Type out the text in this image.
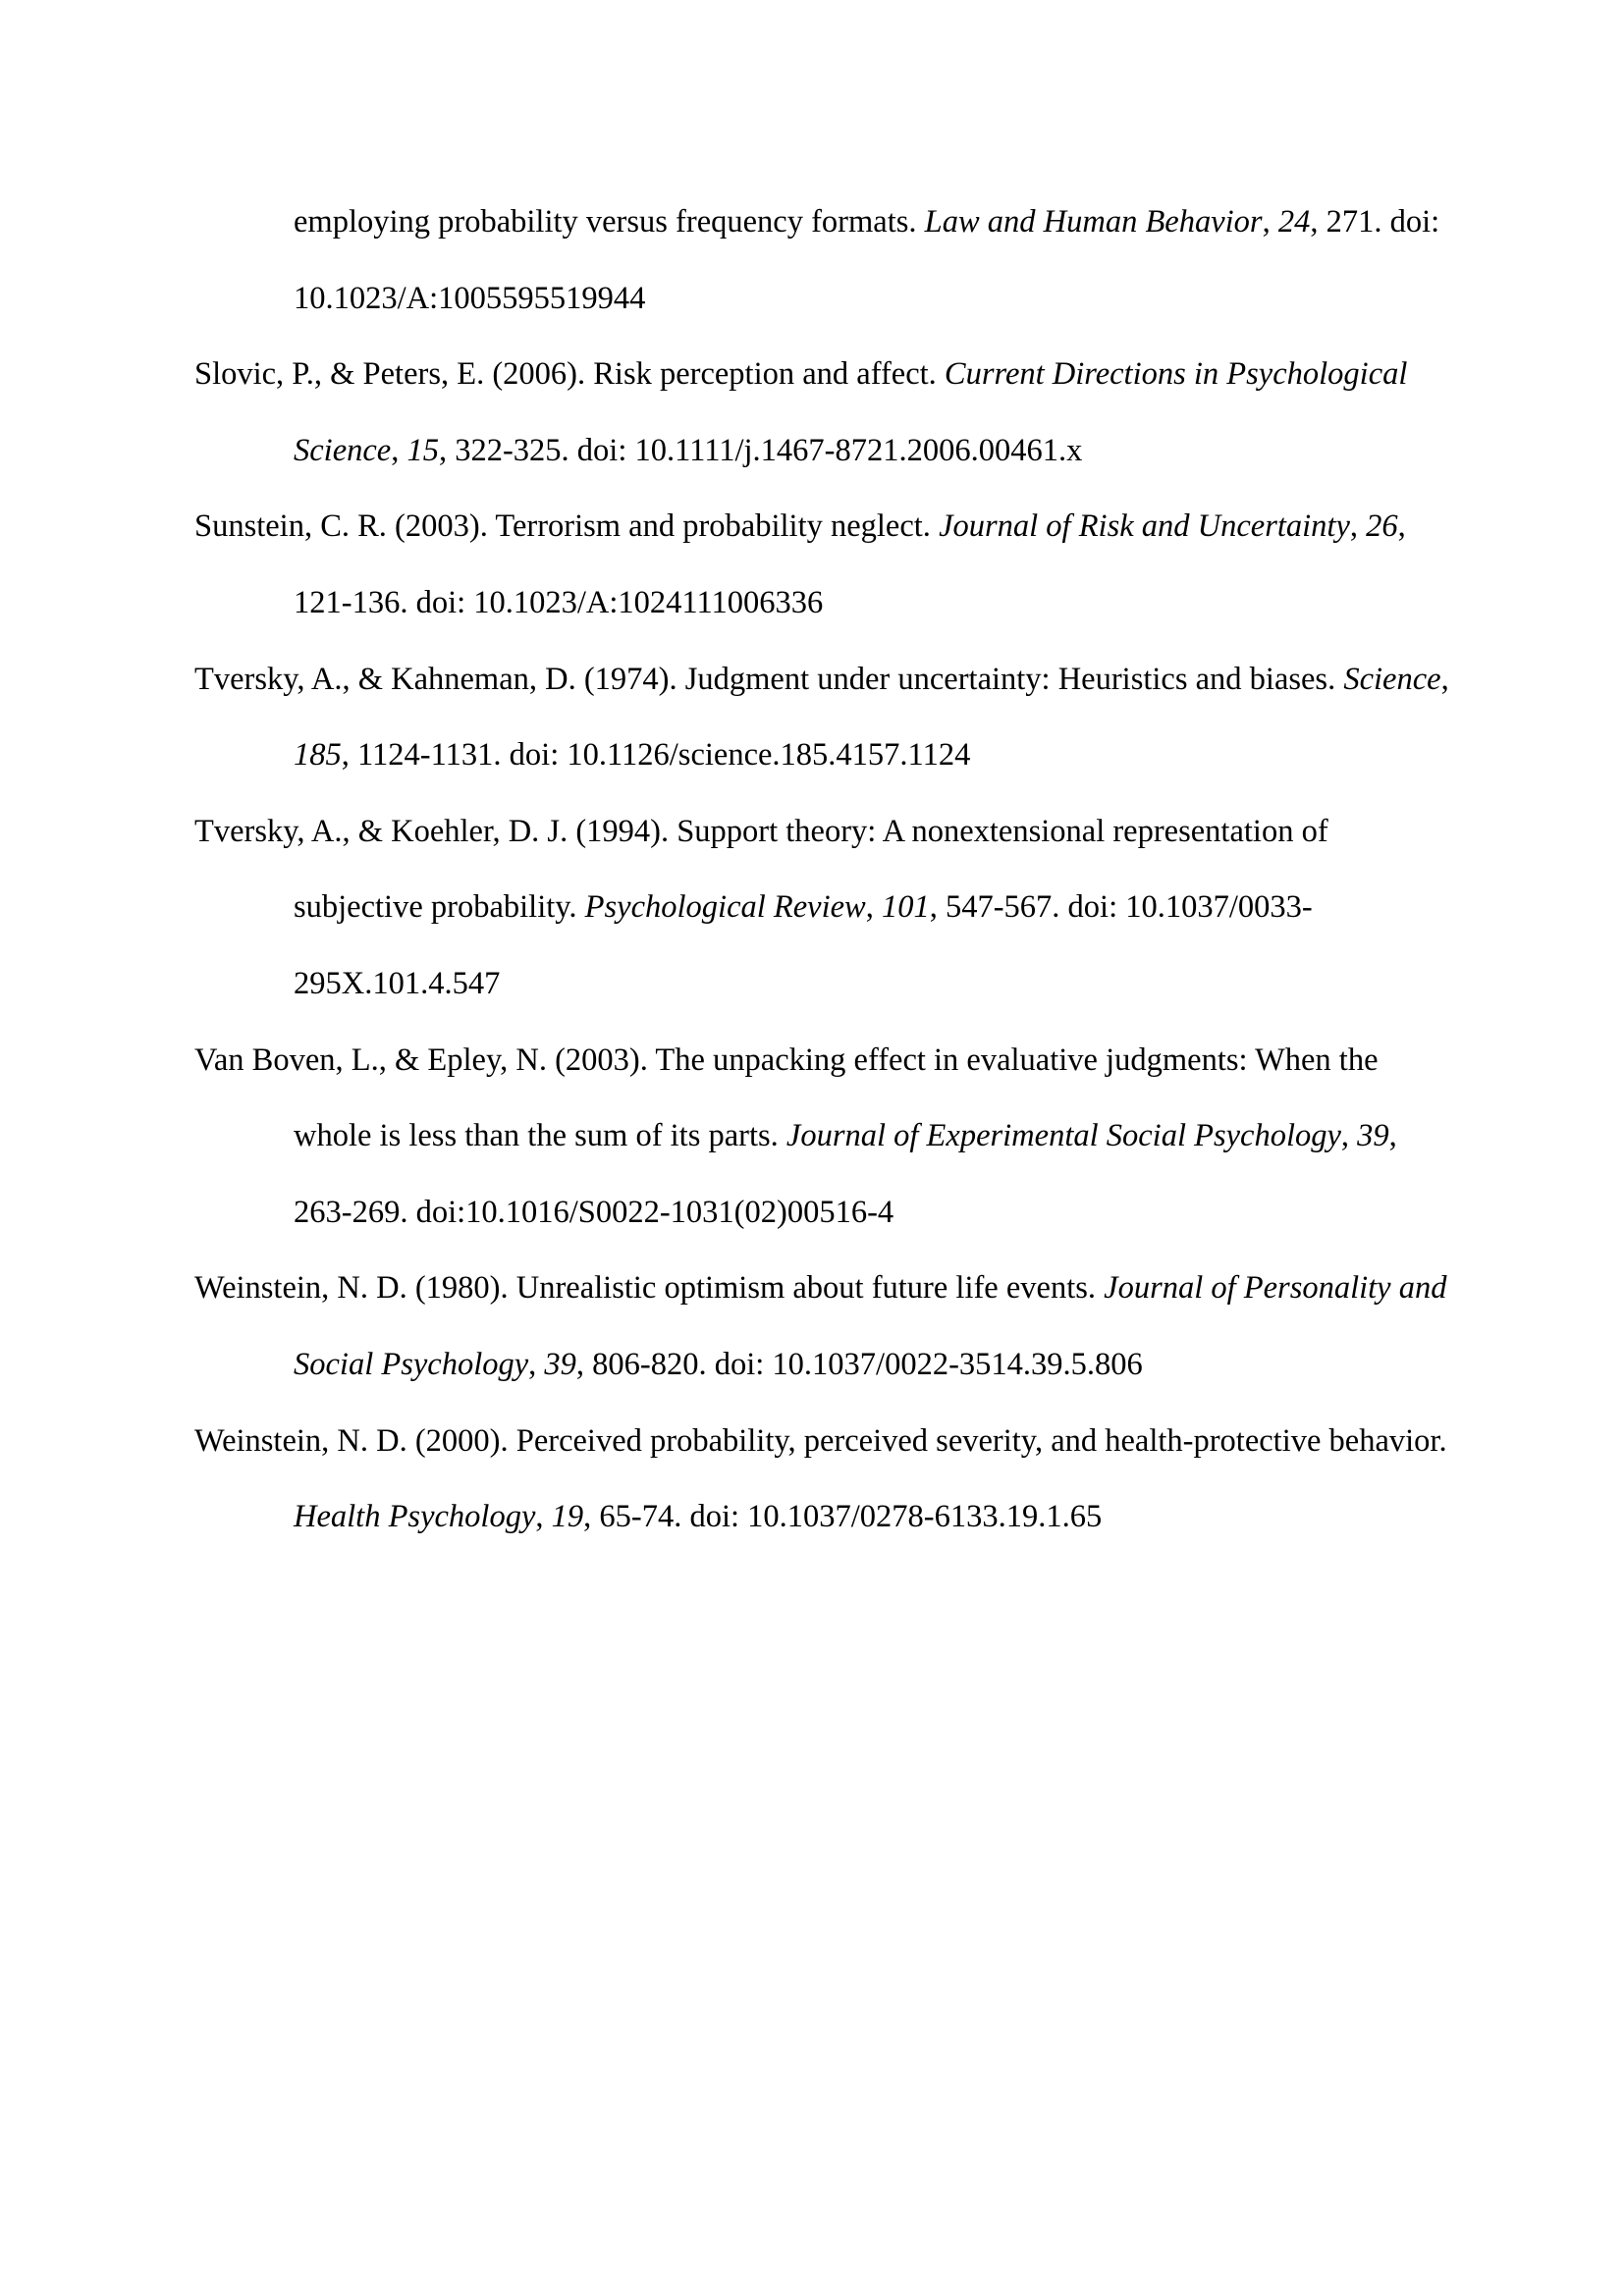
employing probability versus frequency formats. Law and Human Behavior, 24, 271. doi: 10.1023/A:1005595519944

Slovic, P., & Peters, E. (2006). Risk perception and affect. Current Directions in Psychological Science, 15, 322-325. doi: 10.1111/j.1467-8721.2006.00461.x

Sunstein, C. R. (2003). Terrorism and probability neglect. Journal of Risk and Uncertainty, 26, 121-136. doi: 10.1023/A:1024111006336

Tversky, A., & Kahneman, D. (1974). Judgment under uncertainty: Heuristics and biases. Science, 185, 1124-1131. doi: 10.1126/science.185.4157.1124

Tversky, A., & Koehler, D. J. (1994). Support theory: A nonextensional representation of subjective probability. Psychological Review, 101, 547-567. doi: 10.1037/0033-295X.101.4.547

Van Boven, L., & Epley, N. (2003). The unpacking effect in evaluative judgments: When the whole is less than the sum of its parts. Journal of Experimental Social Psychology, 39, 263-269. doi:10.1016/S0022-1031(02)00516-4

Weinstein, N. D. (1980). Unrealistic optimism about future life events. Journal of Personality and Social Psychology, 39, 806-820. doi: 10.1037/0022-3514.39.5.806

Weinstein, N. D. (2000). Perceived probability, perceived severity, and health-protective behavior. Health Psychology, 19, 65-74. doi: 10.1037/0278-6133.19.1.65
